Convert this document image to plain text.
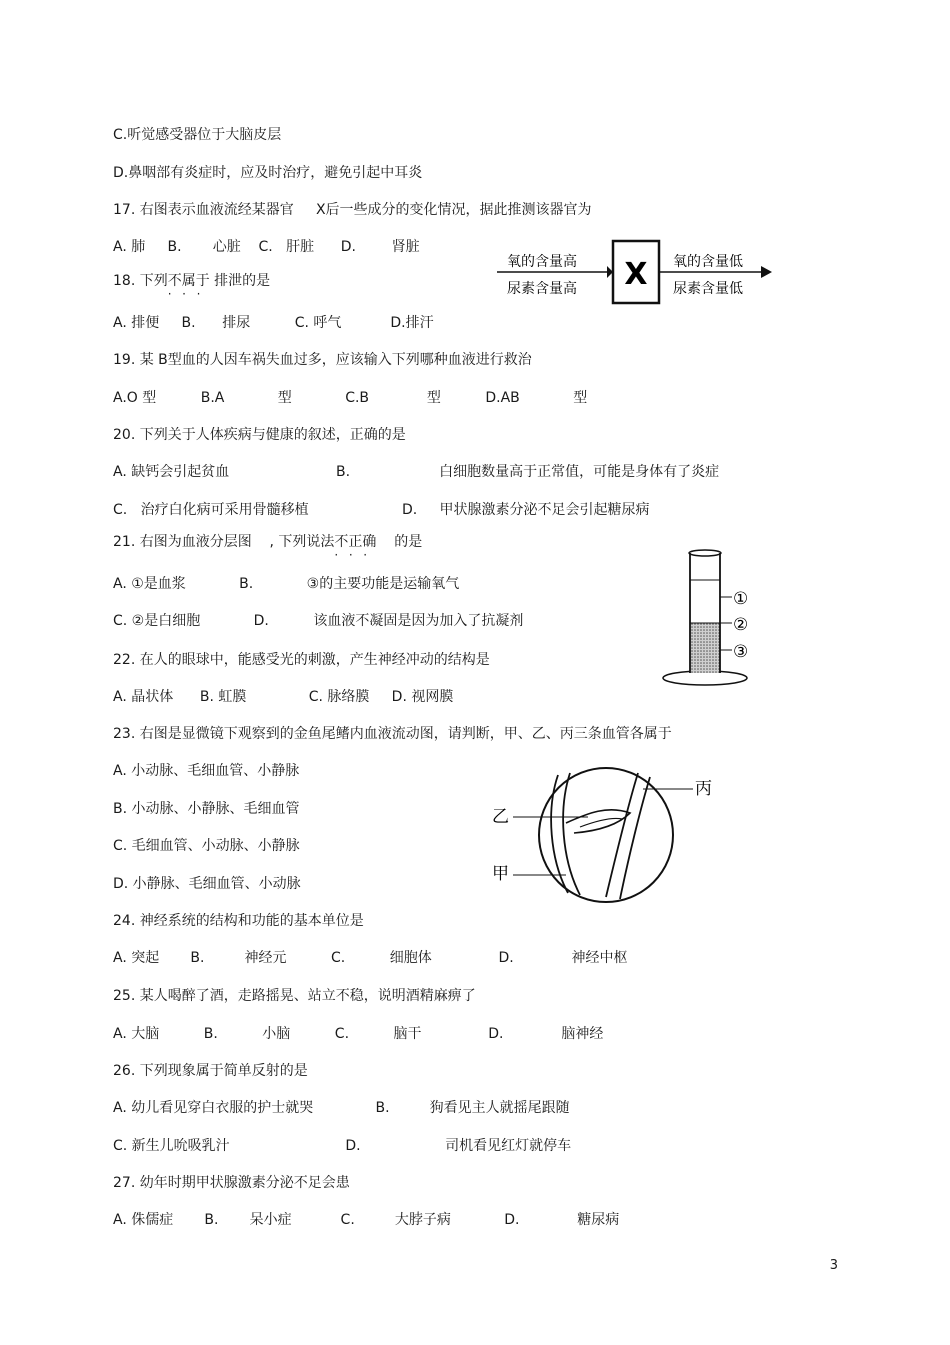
C.听觉感受器位于大脑皮层
D.鼻咽部有炎症时，应及时治疗，避免引起中耳炎
17. 右图表示血液流经某器官     X后一些成分的变化情况，据此推测该器官为
A. 肺     B.       心脏    C.   肝脏      D.        肾脏
18. 下列不属于 ·  ·  · 排泄的是
A. 排便     B.      排尿          C. 呼气           D.排汗
19. 某 B型血的人因车祸失血过多，应该输入下列哪种血液进行救治
A.O 型          B.A            型            C.B             型          D.AB            型
20. 下列关于人体疾病与健康的叙述，正确的是
A. 缺钙会引起贫血                        B.                    白细胞数量高于正常值，可能是身体有了炎症
C.   治疗白化病可采用骨髓移植                     D.     甲状腺激素分泌不足会引起糖尿病
21. 右图为血液分层图    , 下列说法不正确 ·  ·  ·    的是
A. ①是血浆            B.            ③的主要功能是运输氧气
C. ②是白细胞            D.          该血液不凝固是因为加入了抗凝剂
22. 在人的眼球中，能感受光的刺激，产生神经冲动的结构是
A. 晶状体      B. 虹膜              C. 脉络膜     D. 视网膜
23. 右图是显微镜下观察到的金鱼尾鳍内血液流动图，请判断，甲、乙、丙三条血管各属于
A. 小动脉、毛细血管、小静脉
B. 小动脉、小静脉、毛细血管
C. 毛细血管、小动脉、小静脉
D. 小静脉、毛细血管、小动脉
24. 神经系统的结构和功能的基本单位是
A. 突起       B.         神经元          C.          细胞体               D.             神经中枢
25. 某人喝醉了酒，走路摇晃、站立不稳，说明酒精麻痹了
A. 大脑          B.          小脑          C.          脑干               D.             脑神经
26. 下列现象属于简单反射的是
A. 幼儿看见穿白衣服的护士就哭              B.         狗看见主人就摇尾跟随
C. 新生儿吮吸乳汁                          D.                   司机看见红灯就停车
27. 幼年时期甲状腺激素分泌不足会患
A. 侏儒症       B.       呆小症           C.         大脖子病            D.             糖尿病
X
氧的含量高
尿素含量高
氧的含量低
尿素含量低
①
②
③
丙
乙
甲
3
